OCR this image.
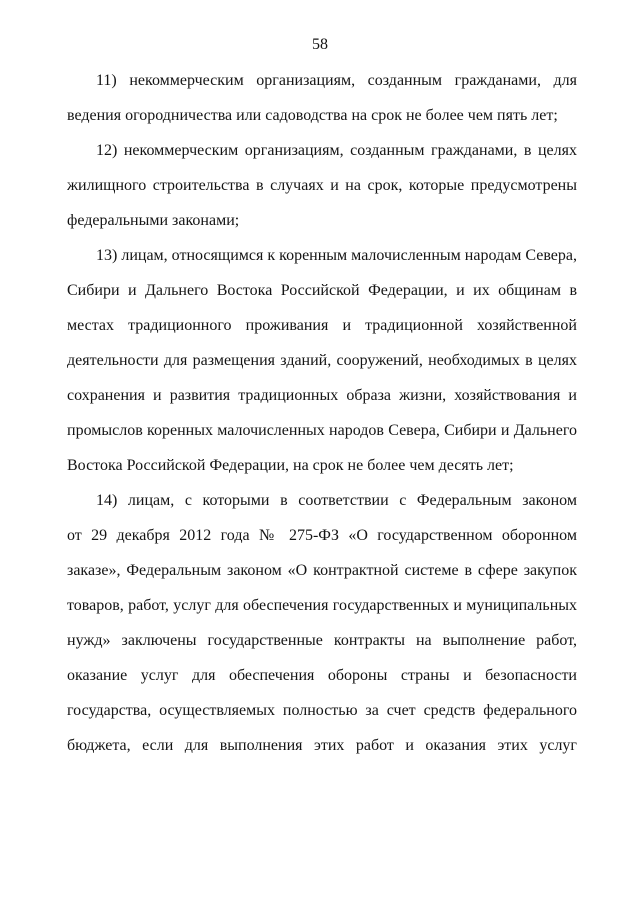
58
11) некоммерческим организациям, созданным гражданами, для
ведения огородничества или садоводства на срок не более чем пять лет;
12) некоммерческим организациям, созданным гражданами, в целях
жилищного строительства в случаях и на срок, которые предусмотрены
федеральными законами;
13) лицам, относящимся к коренным малочисленным народам Севера,
Сибири и Дальнего Востока Российской Федерации, и их общинам в
местах традиционного проживания и традиционной хозяйственной
деятельности для размещения зданий, сооружений, необходимых в целях
сохранения и развития традиционных образа жизни, хозяйствования и
промыслов коренных малочисленных народов Севера, Сибири и Дальнего
Востока Российской Федерации, на срок не более чем десять лет;
14) лицам, с которыми в соответствии с Федеральным законом
от 29 декабря 2012 года № 275-ФЗ «О государственном оборонном
заказе», Федеральным законом «О контрактной системе в сфере закупок
товаров, работ, услуг для обеспечения государственных и муниципальных
нужд» заключены государственные контракты на выполнение работ,
оказание услуг для обеспечения обороны страны и безопасности
государства, осуществляемых полностью за счет средств федерального
бюджета, если для выполнения этих работ и оказания этих услуг
